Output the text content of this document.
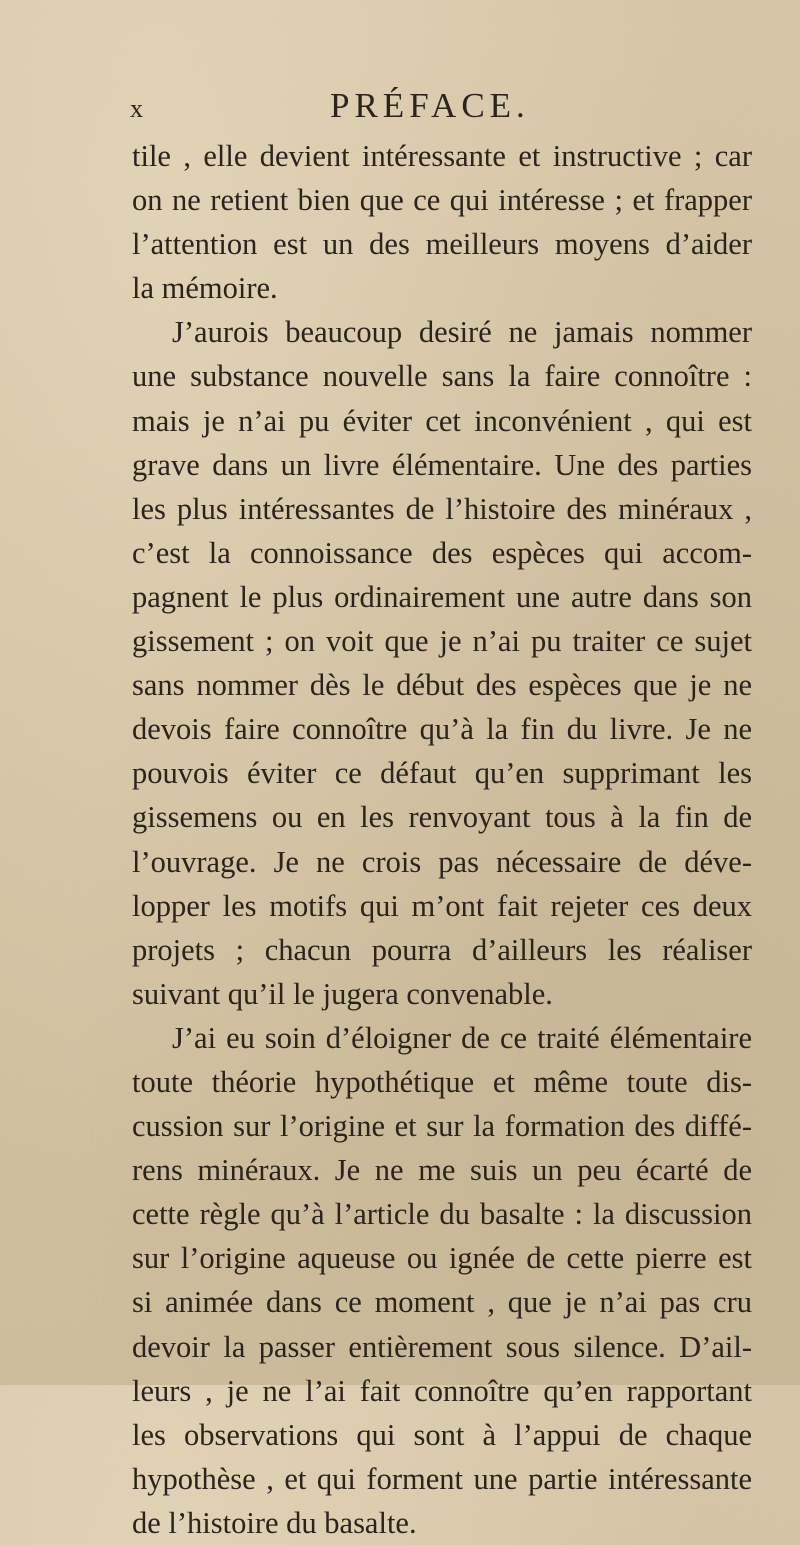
x	PRÉFACE.
tile , elle devient intéressante et instructive ; car
on ne retient bien que ce qui intéresse ; et frapper
l’attention est un des meilleurs moyens d’aider
la mémoire.
J’aurois beaucoup desiré ne jamais nommer
une substance nouvelle sans la faire connoître :
mais je n’ai pu éviter cet inconvénient , qui est
grave dans un livre élémentaire. Une des parties
les plus intéressantes de l’histoire des minéraux ,
c’est la connoissance des espèces qui accom-
pagnent le plus ordinairement une autre dans son
gissement ; on voit que je n’ai pu traiter ce sujet
sans nommer dès le début des espèces que je ne
devois faire connoître qu’à la fin du livre. Je ne
pouvois éviter ce défaut qu’en supprimant les
gissemens ou en les renvoyant tous à la fin de
l’ouvrage. Je ne crois pas nécessaire de déve-
lopper les motifs qui m’ont fait rejeter ces deux
projets ; chacun pourra d’ailleurs les réaliser
suivant qu’il le jugera convenable.
J’ai eu soin d’éloigner de ce traité élémentaire
toute théorie hypothétique et même toute dis-
cussion sur l’origine et sur la formation des diffé-
rens minéraux. Je ne me suis un peu écarté de
cette règle qu’à l’article du basalte : la discussion
sur l’origine aqueuse ou ignée de cette pierre est
si animée dans ce moment , que je n’ai pas cru
devoir la passer entièrement sous silence. D’ail-
leurs , je ne l’ai fait connoître qu’en rapportant
les observations qui sont à l’appui de chaque
hypothèse , et qui forment une partie intéressante
de l’histoire du basalte.
